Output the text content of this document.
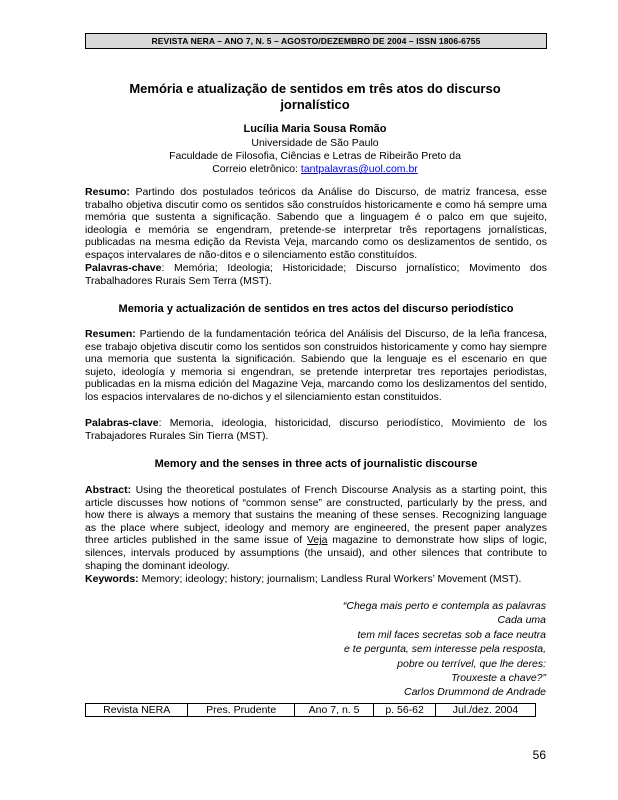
REVISTA NERA – ANO 7, N. 5 – AGOSTO/DEZEMBRO DE 2004 – ISSN 1806-6755
Memória e atualização de sentidos em três atos do discurso
jornalístico
Lucília Maria Sousa Romão
Universidade de São Paulo
Faculdade de Filosofia, Ciências e Letras de Ribeirão Preto da
Correio eletrônico: tantpalavras@uol.com.br
Resumo: Partindo dos postulados teóricos da Análise do Discurso, de matriz francesa, esse trabalho objetiva discutir como os sentidos são construídos historicamente e como há sempre uma memória que sustenta a significação. Sabendo que a linguagem é o palco em que sujeito, ideologia e memória se engendram, pretende-se interpretar três reportagens jornalísticas, publicadas na mesma edição da Revista Veja, marcando como os deslizamentos de sentido, os espaços intervalares de não-ditos e o silenciamento estão constituídos.
Palavras-chave: Memória; Ideologia; Historicidade; Discurso jornalístico; Movimento dos Trabalhadores Rurais Sem Terra (MST).
Memoria y actualización de sentidos en tres actos del discurso periodístico
Resumen: Partiendo de la fundamentación teórica del Análisis del Discurso, de la leña francesa, ese trabajo objetiva discutir como los sentidos son construidos historicamente y como hay siempre una memoria que sustenta la significación. Sabiendo que la lenguaje es el escenario en que sujeto, ideología y memoria si engendran, se pretende interpretar tres reportajes periodistas, publicadas en la misma edición del Magazine Veja, marcando como los deslizamentos del sentido, los espacios intervalares de no-dichos y el silenciamiento estan constituidos.
Palabras-clave: Memoria, ideologia, historicidad, discurso periodístico, Movimiento de los Trabajadores Rurales Sin Tierra (MST).
Memory and the senses in three acts of journalistic discourse
Abstract: Using the theoretical postulates of French Discourse Analysis as a starting point, this article discusses how notions of “common sense” are constructed, particularly by the press, and how there is always a memory that sustains the meaning of these senses. Recognizing language as the place where subject, ideology and memory are engineered, the present paper analyzes three articles published in the same issue of Veja magazine to demonstrate how slips of logic, silences, intervals produced by assumptions (the unsaid), and other silences that contribute to shaping the dominant ideology.
Keywords: Memory; ideology; history; journalism; Landless Rural Workers’ Movement (MST).
“Chega mais perto e contempla as palavras
Cada uma
tem mil faces secretas sob a face neutra
e te pergunta, sem interesse pela resposta,
pobre ou terrível, que lhe deres:
Trouxeste a chave?”
Carlos Drummond de Andrade
Revista NERA	Pres. Prudente	Ano 7, n. 5	p. 56-62	Jul./dez. 2004
56
